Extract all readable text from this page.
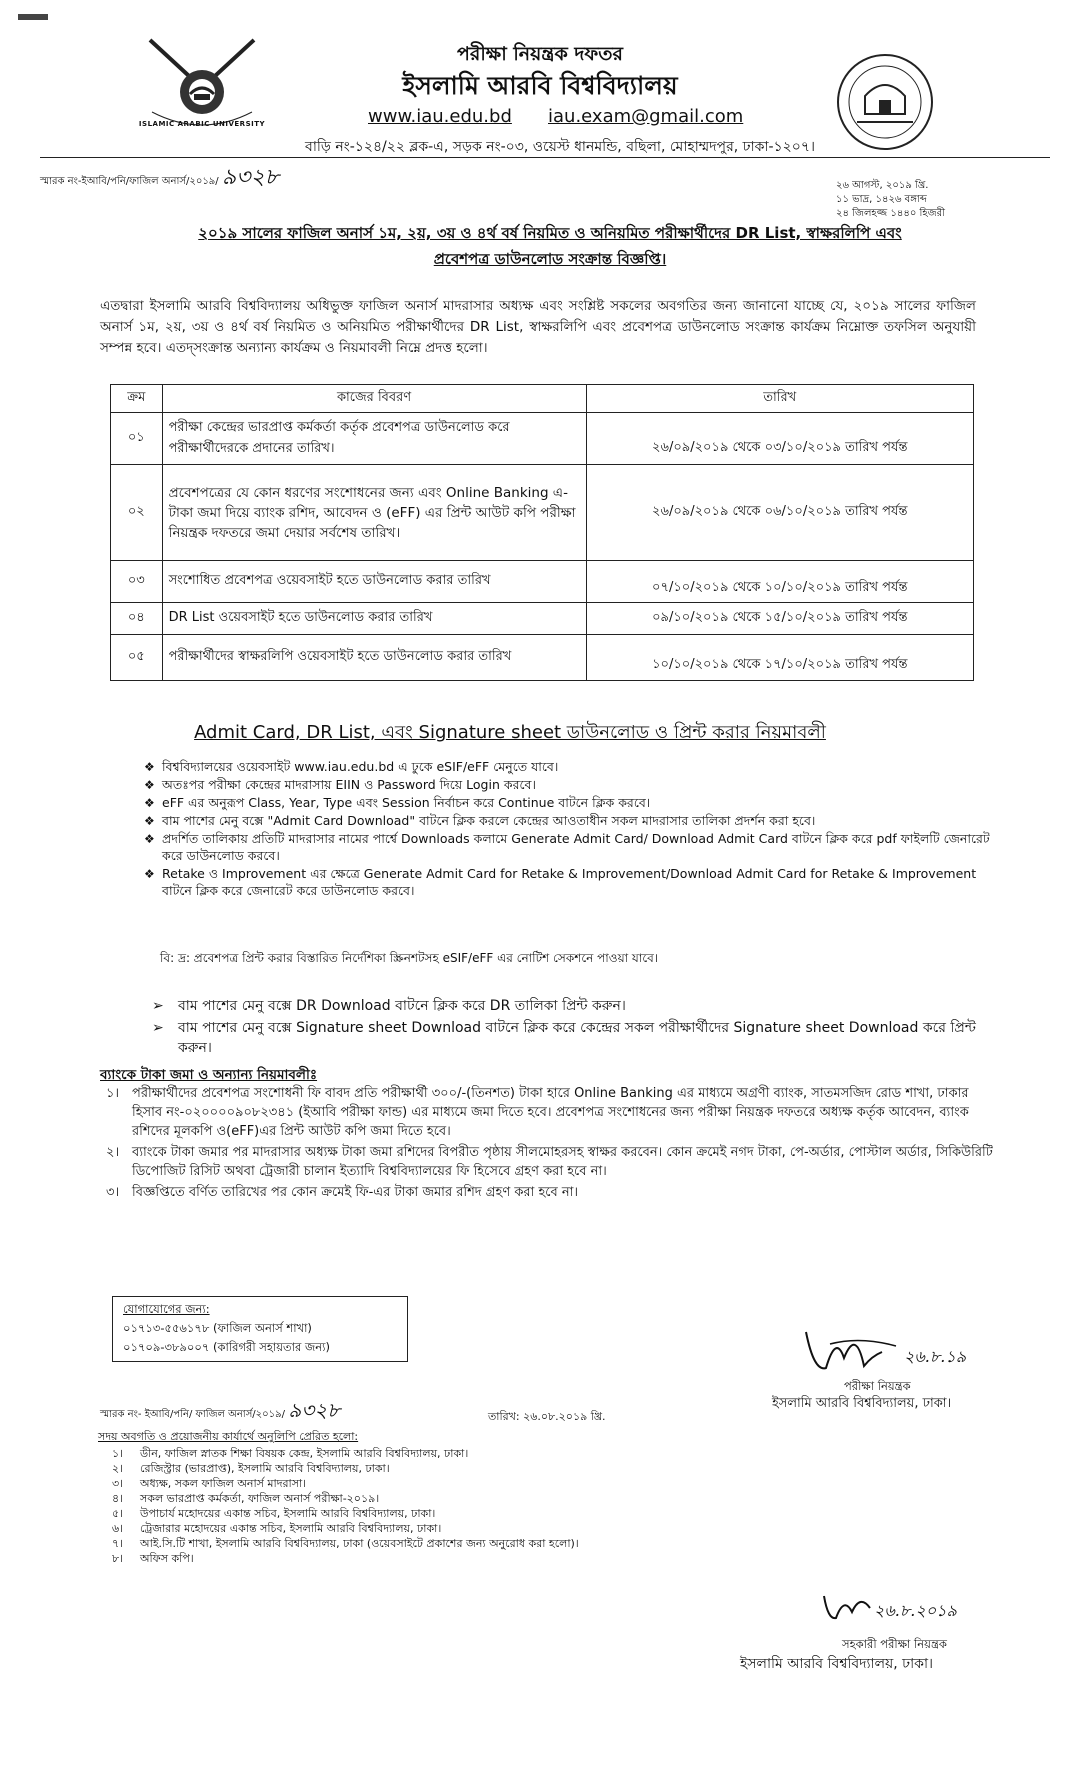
ISLAMIC ARABIC UNIVERSITY
পরীক্ষা নিয়ন্ত্রক দফতর
ইসলামি আরবি বিশ্ববিদ্যালয়
www.iau.edu.bd iau.exam@gmail.com
বাড়ি নং-১২৪/২২ ব্লক-এ, সড়ক নং-০৩, ওয়েস্ট ধানমন্ডি, বছিলা, মোহাম্মদপুর, ঢাকা-১২০৭।
স্মারক নং-ইআবি/পনি/ফাজিল অনার্স/২০১৯/ ৯৩২৮	২৬ আগস্ট, ২০১৯ খ্রি.
১১ ভাদ্র, ১৪২৬ বঙ্গাব্দ
২৪ জিলহজ্জ ১৪৪০ হিজরী
২০১৯ সালের ফাজিল অনার্স ১ম, ২য়, ৩য় ও ৪র্থ বর্ষ নিয়মিত ও অনিয়মিত পরীক্ষার্থীদের DR List, স্বাক্ষরলিপি এবং
প্রবেশপত্র ডাউনলোড সংক্রান্ত বিজ্ঞপ্তি।
এতদ্বারা ইসলামি আরবি বিশ্ববিদ্যালয় অধিভুক্ত ফাজিল অনার্স মাদরাসার অধ্যক্ষ এবং সংশ্লিষ্ট সকলের অবগতির জন্য জানানো যাচ্ছে যে, ২০১৯ সালের ফাজিল অনার্স ১ম, ২য়, ৩য় ও ৪র্থ বর্ষ নিয়মিত ও অনিয়মিত পরীক্ষার্থীদের DR List, স্বাক্ষরলিপি এবং প্রবেশপত্র ডাউনলোড সংক্রান্ত কার্যক্রম নিম্নোক্ত তফসিল অনুযায়ী সম্পন্ন হবে। এতদ্সংক্রান্ত অন্যান্য কার্যক্রম ও নিয়মাবলী নিম্নে প্রদত্ত হলো।
ক্রম	কাজের বিবরণ	তারিখ
০১	পরীক্ষা কেন্দ্রের ভারপ্রাপ্ত কর্মকর্তা কর্তৃক প্রবেশপত্র ডাউনলোড করে পরীক্ষার্থীদেরকে প্রদানের তারিখ।	২৬/০৯/২০১৯ থেকে ০৩/১০/২০১৯ তারিখ পর্যন্ত
০২	প্রবেশপত্রের যে কোন ধরণের সংশোধনের জন্য এবং Online Banking এ- টাকা জমা দিয়ে ব্যাংক রশিদ, আবেদন ও (eFF) এর প্রিন্ট আউট কপি পরীক্ষা নিয়ন্ত্রক দফতরে জমা দেয়ার সর্বশেষ তারিখ।	২৬/০৯/২০১৯ থেকে ০৬/১০/২০১৯ তারিখ পর্যন্ত
০৩	সংশোধিত প্রবেশপত্র ওয়েবসাইট হতে ডাউনলোড করার তারিখ	০৭/১০/২০১৯ থেকে ১০/১০/২০১৯ তারিখ পর্যন্ত
০৪	DR List ওয়েবসাইট হতে ডাউনলোড করার তারিখ	০৯/১০/২০১৯ থেকে ১৫/১০/২০১৯ তারিখ পর্যন্ত
০৫	পরীক্ষার্থীদের স্বাক্ষরলিপি ওয়েবসাইট হতে ডাউনলোড করার তারিখ	১০/১০/২০১৯ থেকে ১৭/১০/২০১৯ তারিখ পর্যন্ত
Admit Card, DR List, এবং Signature sheet ডাউনলোড ও প্রিন্ট করার নিয়মাবলী
❖ বিশ্ববিদ্যালয়ের ওয়েবসাইট www.iau.edu.bd এ ঢুকে eSIF/eFF মেনুতে যাবে।
❖ অতঃপর পরীক্ষা কেন্দ্রের মাদরাসায় EIIN ও Password দিয়ে Login করবে।
❖ eFF এর অনুরূপ Class, Year, Type এবং Session নির্বাচন করে Continue বাটনে ক্লিক করবে।
❖ বাম পাশের মেনু বক্সে "Admit Card Download" বাটনে ক্লিক করলে কেন্দ্রের আওতাধীন সকল মাদরাসার তালিকা প্রদর্শন করা হবে।
❖ প্রদর্শিত তালিকায় প্রতিটি মাদরাসার নামের পার্শ্বে Downloads কলামে Generate Admit Card/ Download Admit Card বাটনে ক্লিক করে pdf ফাইলটি জেনারেট করে ডাউনলোড করবে।
❖ Retake ও Improvement এর ক্ষেত্রে Generate Admit Card for Retake & Improvement/Download Admit Card for Retake & Improvement বাটনে ক্লিক করে জেনারেট করে ডাউনলোড করবে।
বি: দ্র: প্রবেশপত্র প্রিন্ট করার বিস্তারিত নির্দেশিকা স্ক্রিনশটসহ eSIF/eFF এর নোটিশ সেকশনে পাওয়া যাবে।
➢ বাম পাশের মেনু বক্সে DR Download বাটনে ক্লিক করে DR তালিকা প্রিন্ট করুন।
➢ বাম পাশের মেনু বক্সে Signature sheet Download বাটনে ক্লিক করে কেন্দ্রের সকল পরীক্ষার্থীদের Signature sheet Download করে প্রিন্ট করুন।
ব্যাংকে টাকা জমা ও অন্যান্য নিয়মাবলীঃ
১। পরীক্ষার্থীদের প্রবেশপত্র সংশোধনী ফি বাবদ প্রতি পরীক্ষার্থী ৩০০/-(তিনশত) টাকা হারে Online Banking এর মাধ্যমে অগ্রণী ব্যাংক, সাতমসজিদ রোড শাখা, ঢাকার হিসাব নং-০২০০০০৯০৮২৩৪১ (ইআবি পরীক্ষা ফান্ড) এর মাধ্যমে জমা দিতে হবে। প্রবেশপত্র সংশোধনের জন্য পরীক্ষা নিয়ন্ত্রক দফতরে অধ্যক্ষ কর্তৃক আবেদন, ব্যাংক রশিদের মূলকপি ও(eFF)এর প্রিন্ট আউট কপি জমা দিতে হবে।
২। ব্যাংকে টাকা জমার পর মাদরাসার অধ্যক্ষ টাকা জমা রশিদের বিপরীত পৃষ্ঠায় সীলমোহরসহ স্বাক্ষর করবেন। কোন ক্রমেই নগদ টাকা, পে-অর্ডার, পোস্টাল অর্ডার, সিকিউরিটি ডিপোজিট রিসিট অথবা ট্রেজারী চালান ইত্যাদি বিশ্ববিদ্যালয়ের ফি হিসেবে গ্রহণ করা হবে না।
৩। বিজ্ঞপ্তিতে বর্ণিত তারিখের পর কোন ক্রমেই ফি-এর টাকা জমার রশিদ গ্রহণ করা হবে না।
যোগাযোগের জন্য:
০১৭১৩-৫৫৬১৭৮ (ফাজিল অনার্স শাখা)
০১৭০৯-৩৮৯০০৭ (কারিগরী সহায়তার জন্য)	২৬.৮.১৯
পরীক্ষা নিয়ন্ত্রক
ইসলামি আরবি বিশ্ববিদ্যালয়, ঢাকা।
স্মারক নং- ইআবি/পনি/ ফাজিল অনার্স/২০১৯/ ৯৩২৮	তারিখ: ২৬.০৮.২০১৯ খ্রি.
সদয় অবগতি ও প্রয়োজনীয় কার্যার্থে অনুলিপি প্রেরিত হলো:
১। ডীন, ফাজিল স্নাতক শিক্ষা বিষয়ক কেন্দ্র, ইসলামি আরবি বিশ্ববিদ্যালয়, ঢাকা।
২। রেজিস্ট্রার (ভারপ্রাপ্ত), ইসলামি আরবি বিশ্ববিদ্যালয়, ঢাকা।
৩। অধ্যক্ষ, সকল ফাজিল অনার্স মাদরাসা।
৪। সকল ভারপ্রাপ্ত কর্মকর্তা, ফাজিল অনার্স পরীক্ষা-২০১৯।
৫। উপাচার্য মহোদয়ের একান্ত সচিব, ইসলামি আরবি বিশ্ববিদ্যালয়, ঢাকা।
৬। ট্রেজারার মহোদয়ের একান্ত সচিব, ইসলামি আরবি বিশ্ববিদ্যালয়, ঢাকা।
৭। আই.সি.টি শাখা, ইসলামি আরবি বিশ্ববিদ্যালয়, ঢাকা (ওয়েবসাইটে প্রকাশের জন্য অনুরোধ করা হলো)।
৮। অফিস কপি।
২৬.৮.২০১৯
সহকারী পরীক্ষা নিয়ন্ত্রক
ইসলামি আরবি বিশ্ববিদ্যালয়, ঢাকা।
